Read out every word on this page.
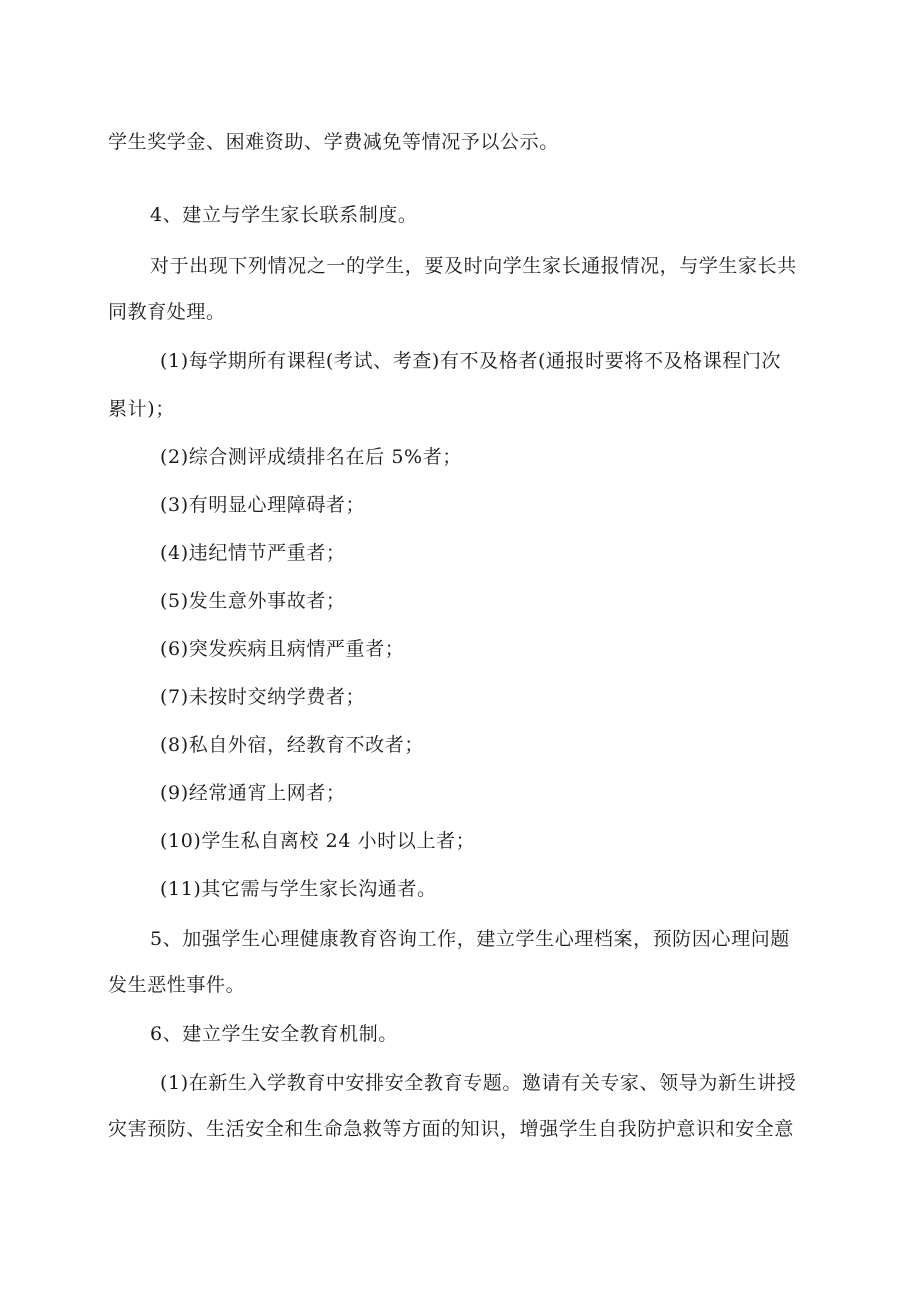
学生奖学金、困难资助、学费减免等情况予以公示。
4、建立与学生家长联系制度。
对于出现下列情况之一的学生，要及时向学生家长通报情况，与学生家长共
同教育处理。
(1)每学期所有课程(考试、考查)有不及格者(通报时要将不及格课程门次
累计)；
(2)综合测评成绩排名在后 5%者；
(3)有明显心理障碍者；
(4)违纪情节严重者；
(5)发生意外事故者；
(6)突发疾病且病情严重者；
(7)未按时交纳学费者；
(8)私自外宿，经教育不改者；
(9)经常通宵上网者；
(10)学生私自离校 24 小时以上者；
(11)其它需与学生家长沟通者。
5、加强学生心理健康教育咨询工作，建立学生心理档案，预防因心理问题
发生恶性事件。
6、建立学生安全教育机制。
(1)在新生入学教育中安排安全教育专题。邀请有关专家、领导为新生讲授
灾害预防、生活安全和生命急救等方面的知识，增强学生自我防护意识和安全意
